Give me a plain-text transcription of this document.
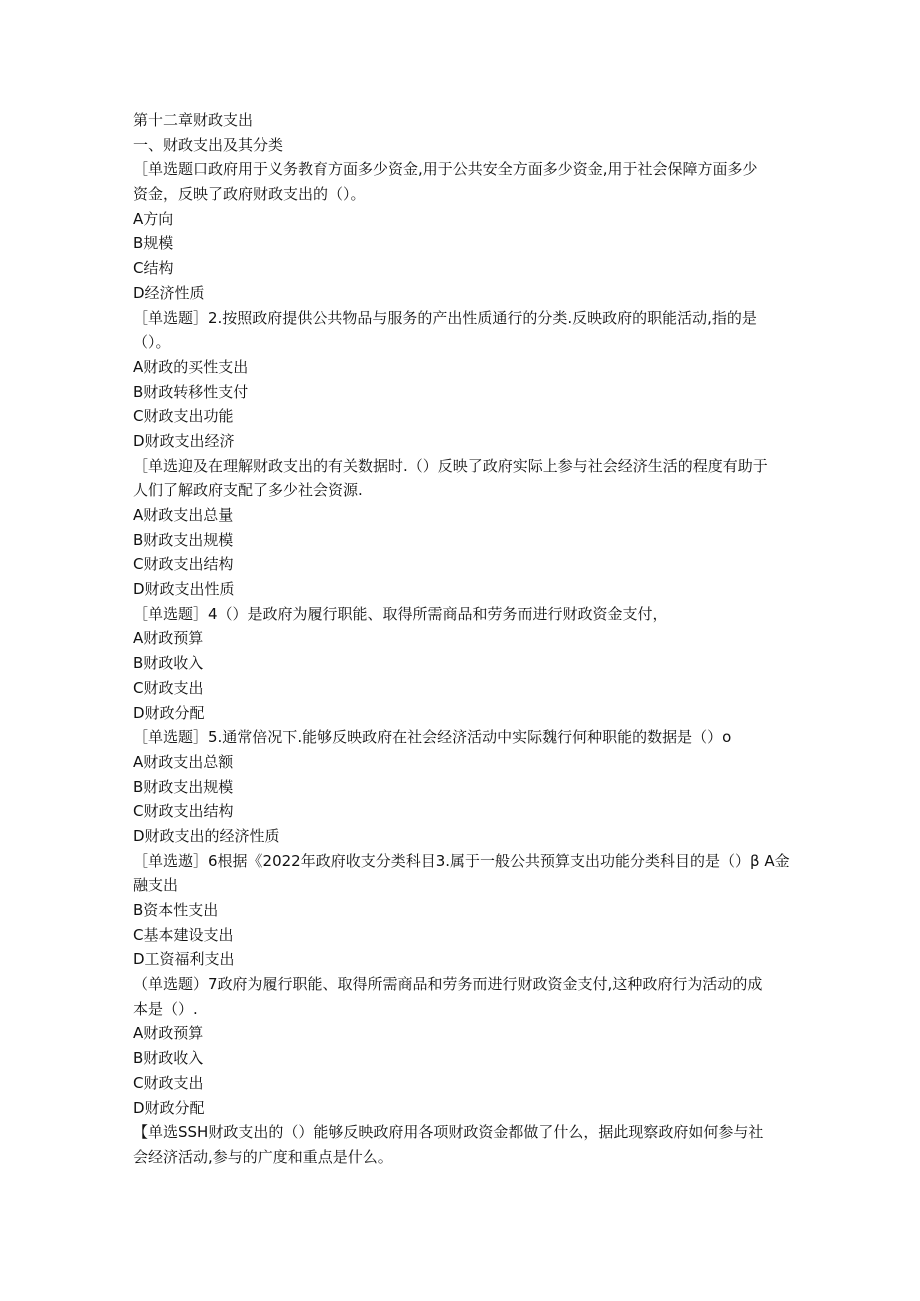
第十二章财政支出
一、财政支出及其分类
［单选题口政府用于义务教育方面多少资金,用于公共安全方面多少资金,用于社会保障方面多少
资金，反映了政府财政支出的（）。
A方向
B规模
C结构
D经济性质
［单选题］2.按照政府提供公共物品与服务的产出性质通行的分类.反映政府的职能活动,指的是
（）。
A财政的买性支出
B财政转移性支付
C财政支出功能
D财政支出经济
［单选迎及在理解财政支出的有关数据时.（）反映了政府实际上参与社会经济生活的程度有助于
人们了解政府支配了多少社会资源.
A财政支出总量
B财政支出规模
C财政支出结构
D财政支出性质
［单选题］4（）是政府为履行职能、取得所需商品和劳务而进行财政资金支付，
A财政预算
B财政收入
C财政支出
D财政分配
［单选题］5.通常倍况下.能够反映政府在社会经济活动中实际魏行何种职能的数据是（）o
A财政支出总额
B财政支出规模
C财政支出结构
D财政支出的经济性质
［单选遨］6根据《2022年政府收支分类科目3.属于一般公共预算支出功能分类科目的是（）β A金
融支出
B资本性支出
C基本建设支出
D工资福利支出
（单选题）7政府为履行职能、取得所需商品和劳务而进行财政资金支付,这种政府行为活动的成
本是（）.
A财政预算
B财政收入
C财政支出
D财政分配
【单选SSH财政支出的（）能够反映政府用各项财政资金都做了什么，据此现察政府如何参与社
会经济活动,参与的广度和重点是什么。
